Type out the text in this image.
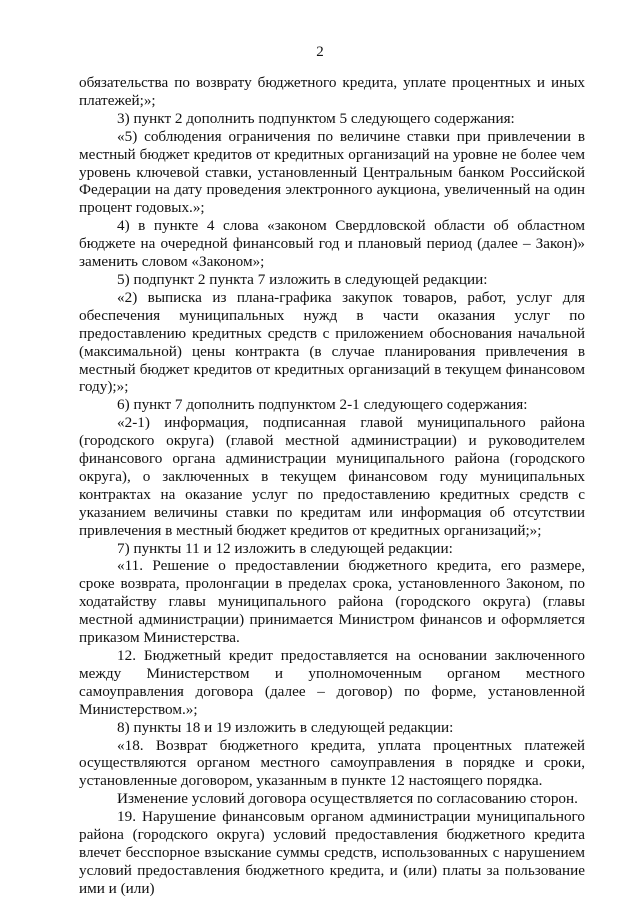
2

обязательства по возврату бюджетного кредита, уплате процентных и иных платежей;»;

3) пункт 2 дополнить подпунктом 5 следующего содержания:

«5) соблюдения ограничения по величине ставки при привлечении в местный бюджет кредитов от кредитных организаций на уровне не более чем уровень ключевой ставки, установленный Центральным банком Российской Федерации на дату проведения электронного аукциона, увеличенный на один процент годовых.»;

4) в пункте 4 слова «законом Свердловской области об областном бюджете на очередной финансовый год и плановый период (далее – Закон)» заменить словом «Законом»;

5) подпункт 2 пункта 7 изложить в следующей редакции:

«2) выписка из плана-графика закупок товаров, работ, услуг для обеспечения муниципальных нужд в части оказания услуг по предоставлению кредитных средств с приложением обоснования начальной (максимальной) цены контракта (в случае планирования привлечения в местный бюджет кредитов от кредитных организаций в текущем финансовом году);»;

6) пункт 7 дополнить подпунктом 2-1 следующего содержания:

«2-1) информация, подписанная главой муниципального района (городского округа) (главой местной администрации) и руководителем финансового органа администрации муниципального района (городского округа), о заключенных в текущем финансовом году муниципальных контрактах на оказание услуг по предоставлению кредитных средств с указанием величины ставки по кредитам или информация об отсутствии привлечения в местный бюджет кредитов от кредитных организаций;»;

7) пункты 11 и 12 изложить в следующей редакции:

«11. Решение о предоставлении бюджетного кредита, его размере, сроке возврата, пролонгации в пределах срока, установленного Законом, по ходатайству главы муниципального района (городского округа) (главы местной администрации) принимается Министром финансов и оформляется приказом Министерства.

12. Бюджетный кредит предоставляется на основании заключенного между Министерством и уполномоченным органом местного самоуправления договора (далее – договор) по форме, установленной Министерством.»;

8) пункты 18 и 19 изложить в следующей редакции:

«18. Возврат бюджетного кредита, уплата процентных платежей осуществляются органом местного самоуправления в порядке и сроки, установленные договором, указанным в пункте 12 настоящего порядка.

Изменение условий договора осуществляется по согласованию сторон.

19. Нарушение финансовым органом администрации муниципального района (городского округа) условий предоставления бюджетного кредита влечет бесспорное взыскание суммы средств, использованных с нарушением условий предоставления бюджетного кредита, и (или) платы за пользование ими и (или)
